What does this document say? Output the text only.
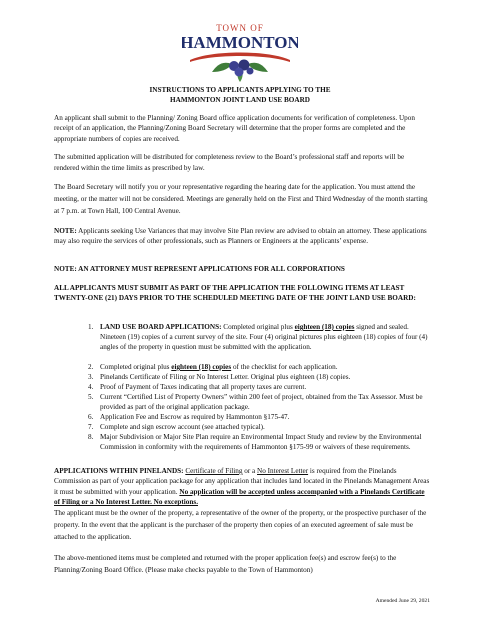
TOWN OF
HAMMONTON
INSTRUCTIONS TO APPLICANTS APPLYING TO THE
HAMMONTON JOINT LAND USE BOARD
An applicant shall submit to the Planning/ Zoning Board office application documents for verification of completeness. Upon receipt of an application, the Planning/Zoning Board Secretary will determine that the proper forms are completed and the appropriate numbers of copies are received.
The submitted application will be distributed for completeness review to the Board’s professional staff and reports will be rendered within the time limits as prescribed by law.
The Board Secretary will notify you or your representative regarding the hearing date for the application. You must attend the meeting, or the matter will not be considered. Meetings are generally held on the First and Third Wednesday of the month starting at 7 p.m. at Town Hall, 100 Central Avenue.
NOTE: Applicants seeking Use Variances that may involve Site Plan review are advised to obtain an attorney. These applications may also require the services of other professionals, such as Planners or Engineers at the applicants’ expense.
NOTE: AN ATTORNEY MUST REPRESENT APPLICATIONS FOR ALL CORPORATIONS
ALL APPLICANTS MUST SUBMIT AS PART OF THE APPLICATION THE FOLLOWING ITEMS AT LEAST TWENTY-ONE (21) DAYS PRIOR TO THE SCHEDULED MEETING DATE OF THE JOINT LAND USE BOARD:
1. LAND USE BOARD APPLICATIONS: Completed original plus eighteen (18) copies signed and sealed. Nineteen (19) copies of a current survey of the site. Four (4) original pictures plus eighteen (18) copies of four (4) angles of the property in question must be submitted with the application.
2. Completed original plus eighteen (18) copies of the checklist for each application.
3. Pinelands Certificate of Filing or No Interest Letter. Original plus eighteen (18) copies.
4. Proof of Payment of Taxes indicating that all property taxes are current.
5. Current “Certified List of Property Owners” within 200 feet of project, obtained from the Tax Assessor. Must be provided as part of the original application package.
6. Application Fee and Escrow as required by Hammonton §175-47.
7. Complete and sign escrow account (see attached typical).
8. Major Subdivision or Major Site Plan require an Environmental Impact Study and review by the Environmental Commission in conformity with the requirements of Hammonton §175-99 or waivers of these requirements.
APPLICATIONS WITHIN PINELANDS: Certificate of Filing or a No Interest Letter is required from the Pinelands Commission as part of your application package for any application that includes land located in the Pinelands Management Areas it must be submitted with your application. No application will be accepted unless accompanied with a Pinelands Certificate of Filing or a No Interest Letter. No exceptions.
The applicant must be the owner of the property, a representative of the owner of the property, or the prospective purchaser of the property. In the event that the applicant is the purchaser of the property then copies of an executed agreement of sale must be attached to the application.
The above-mentioned items must be completed and returned with the proper application fee(s) and escrow fee(s) to the Planning/Zoning Board Office. (Please make checks payable to the Town of Hammonton)
Amended June 29, 2021
